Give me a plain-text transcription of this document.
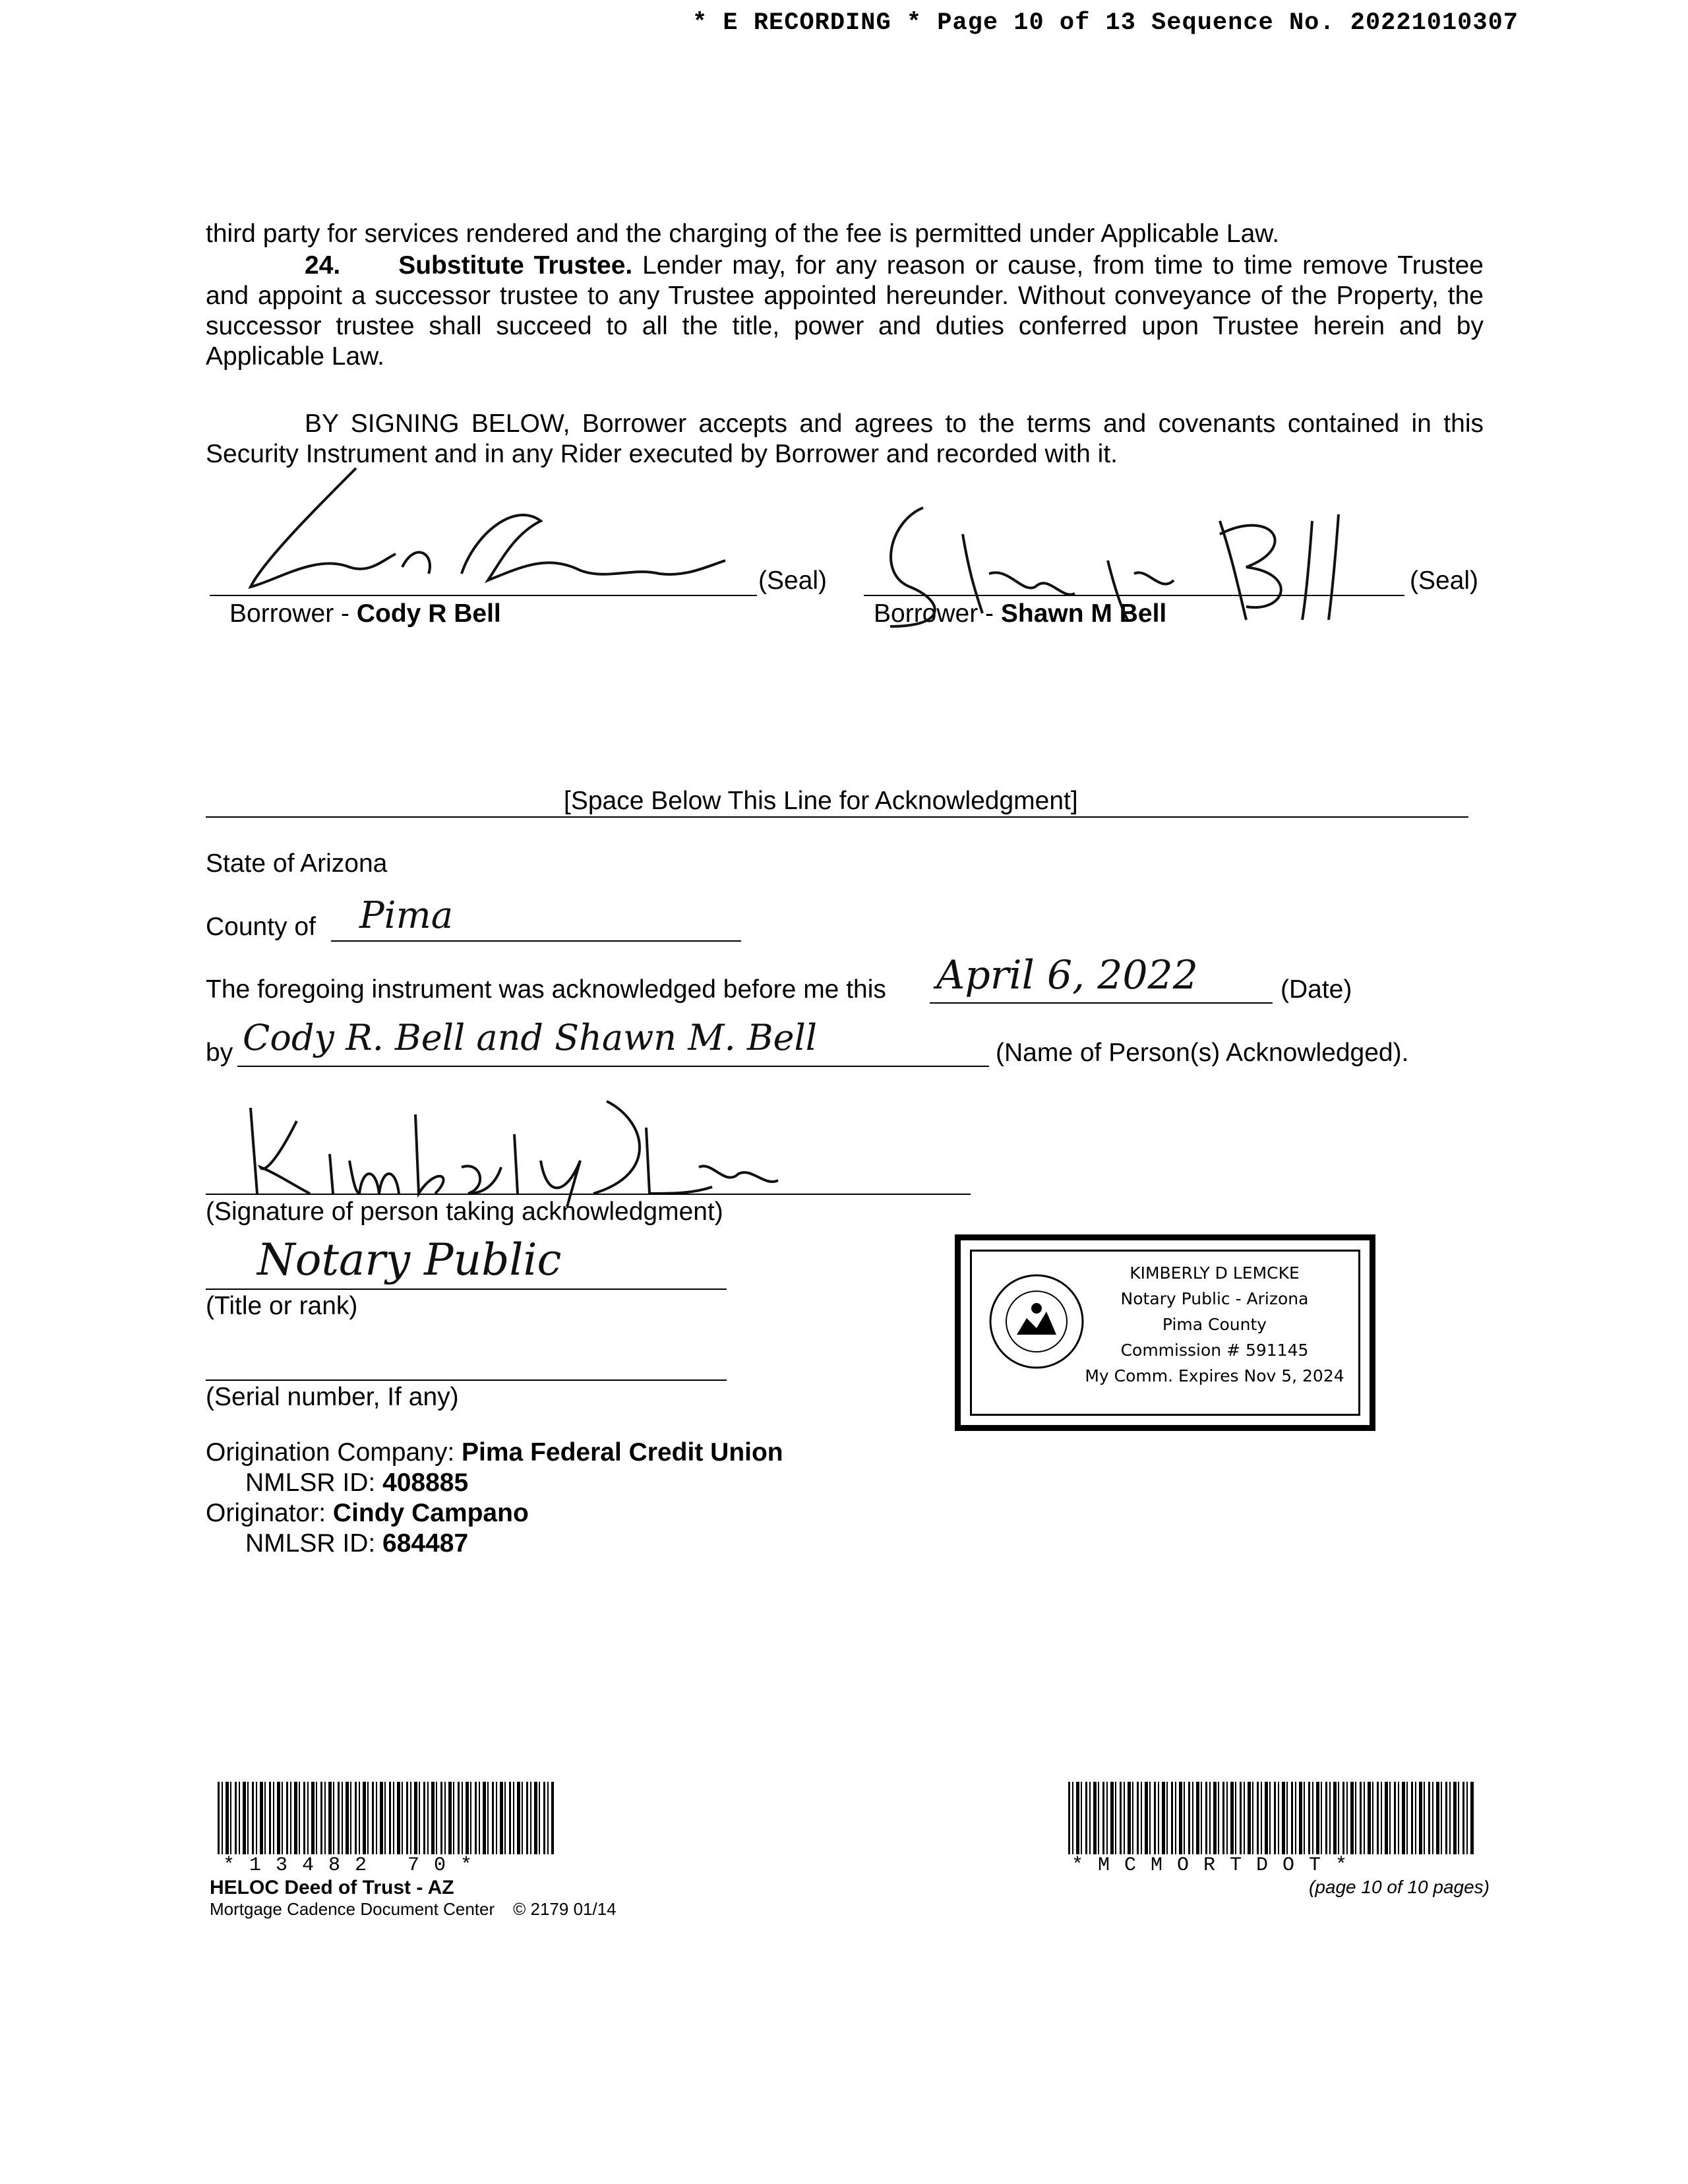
* E RECORDING * Page 10 of 13 Sequence No. 20221010307
third party for services rendered and the charging of the fee is permitted under Applicable Law.
24. Substitute Trustee. Lender may, for any reason or cause, from time to time remove Trustee and appoint a successor trustee to any Trustee appointed hereunder. Without conveyance of the Property, the successor trustee shall succeed to all the title, power and duties conferred upon Trustee herein and by Applicable Law.
BY SIGNING BELOW, Borrower accepts and agrees to the terms and covenants contained in this Security Instrument and in any Rider executed by Borrower and recorded with it.
(Seal)
Borrower - Cody R Bell
(Seal)
Borrower - Shawn M Bell
[Space Below This Line for Acknowledgment]
State of Arizona
County of Pima
The foregoing instrument was acknowledged before me this April 6, 2022	(Date)
by Cody R. Bell and Shawn M. Bell	(Name of Person(s) Acknowledged).
(Signature of person taking acknowledgment)
Notary Public
(Title or rank)
(Serial number, If any)
KIMBERLY D LEMCKE
Notary Public - Arizona
Pima County
Commission # 591145
My Comm. Expires Nov 5, 2024
Origination Company: Pima Federal Credit Union
NMLSR ID: 408885
Originator: Cindy Campano
NMLSR ID: 684487
*13482 70*
HELOC Deed of Trust - AZ
Mortgage Cadence Document Center © 2179 01/14
*MCMORTDOT*
(page 10 of 10 pages)
